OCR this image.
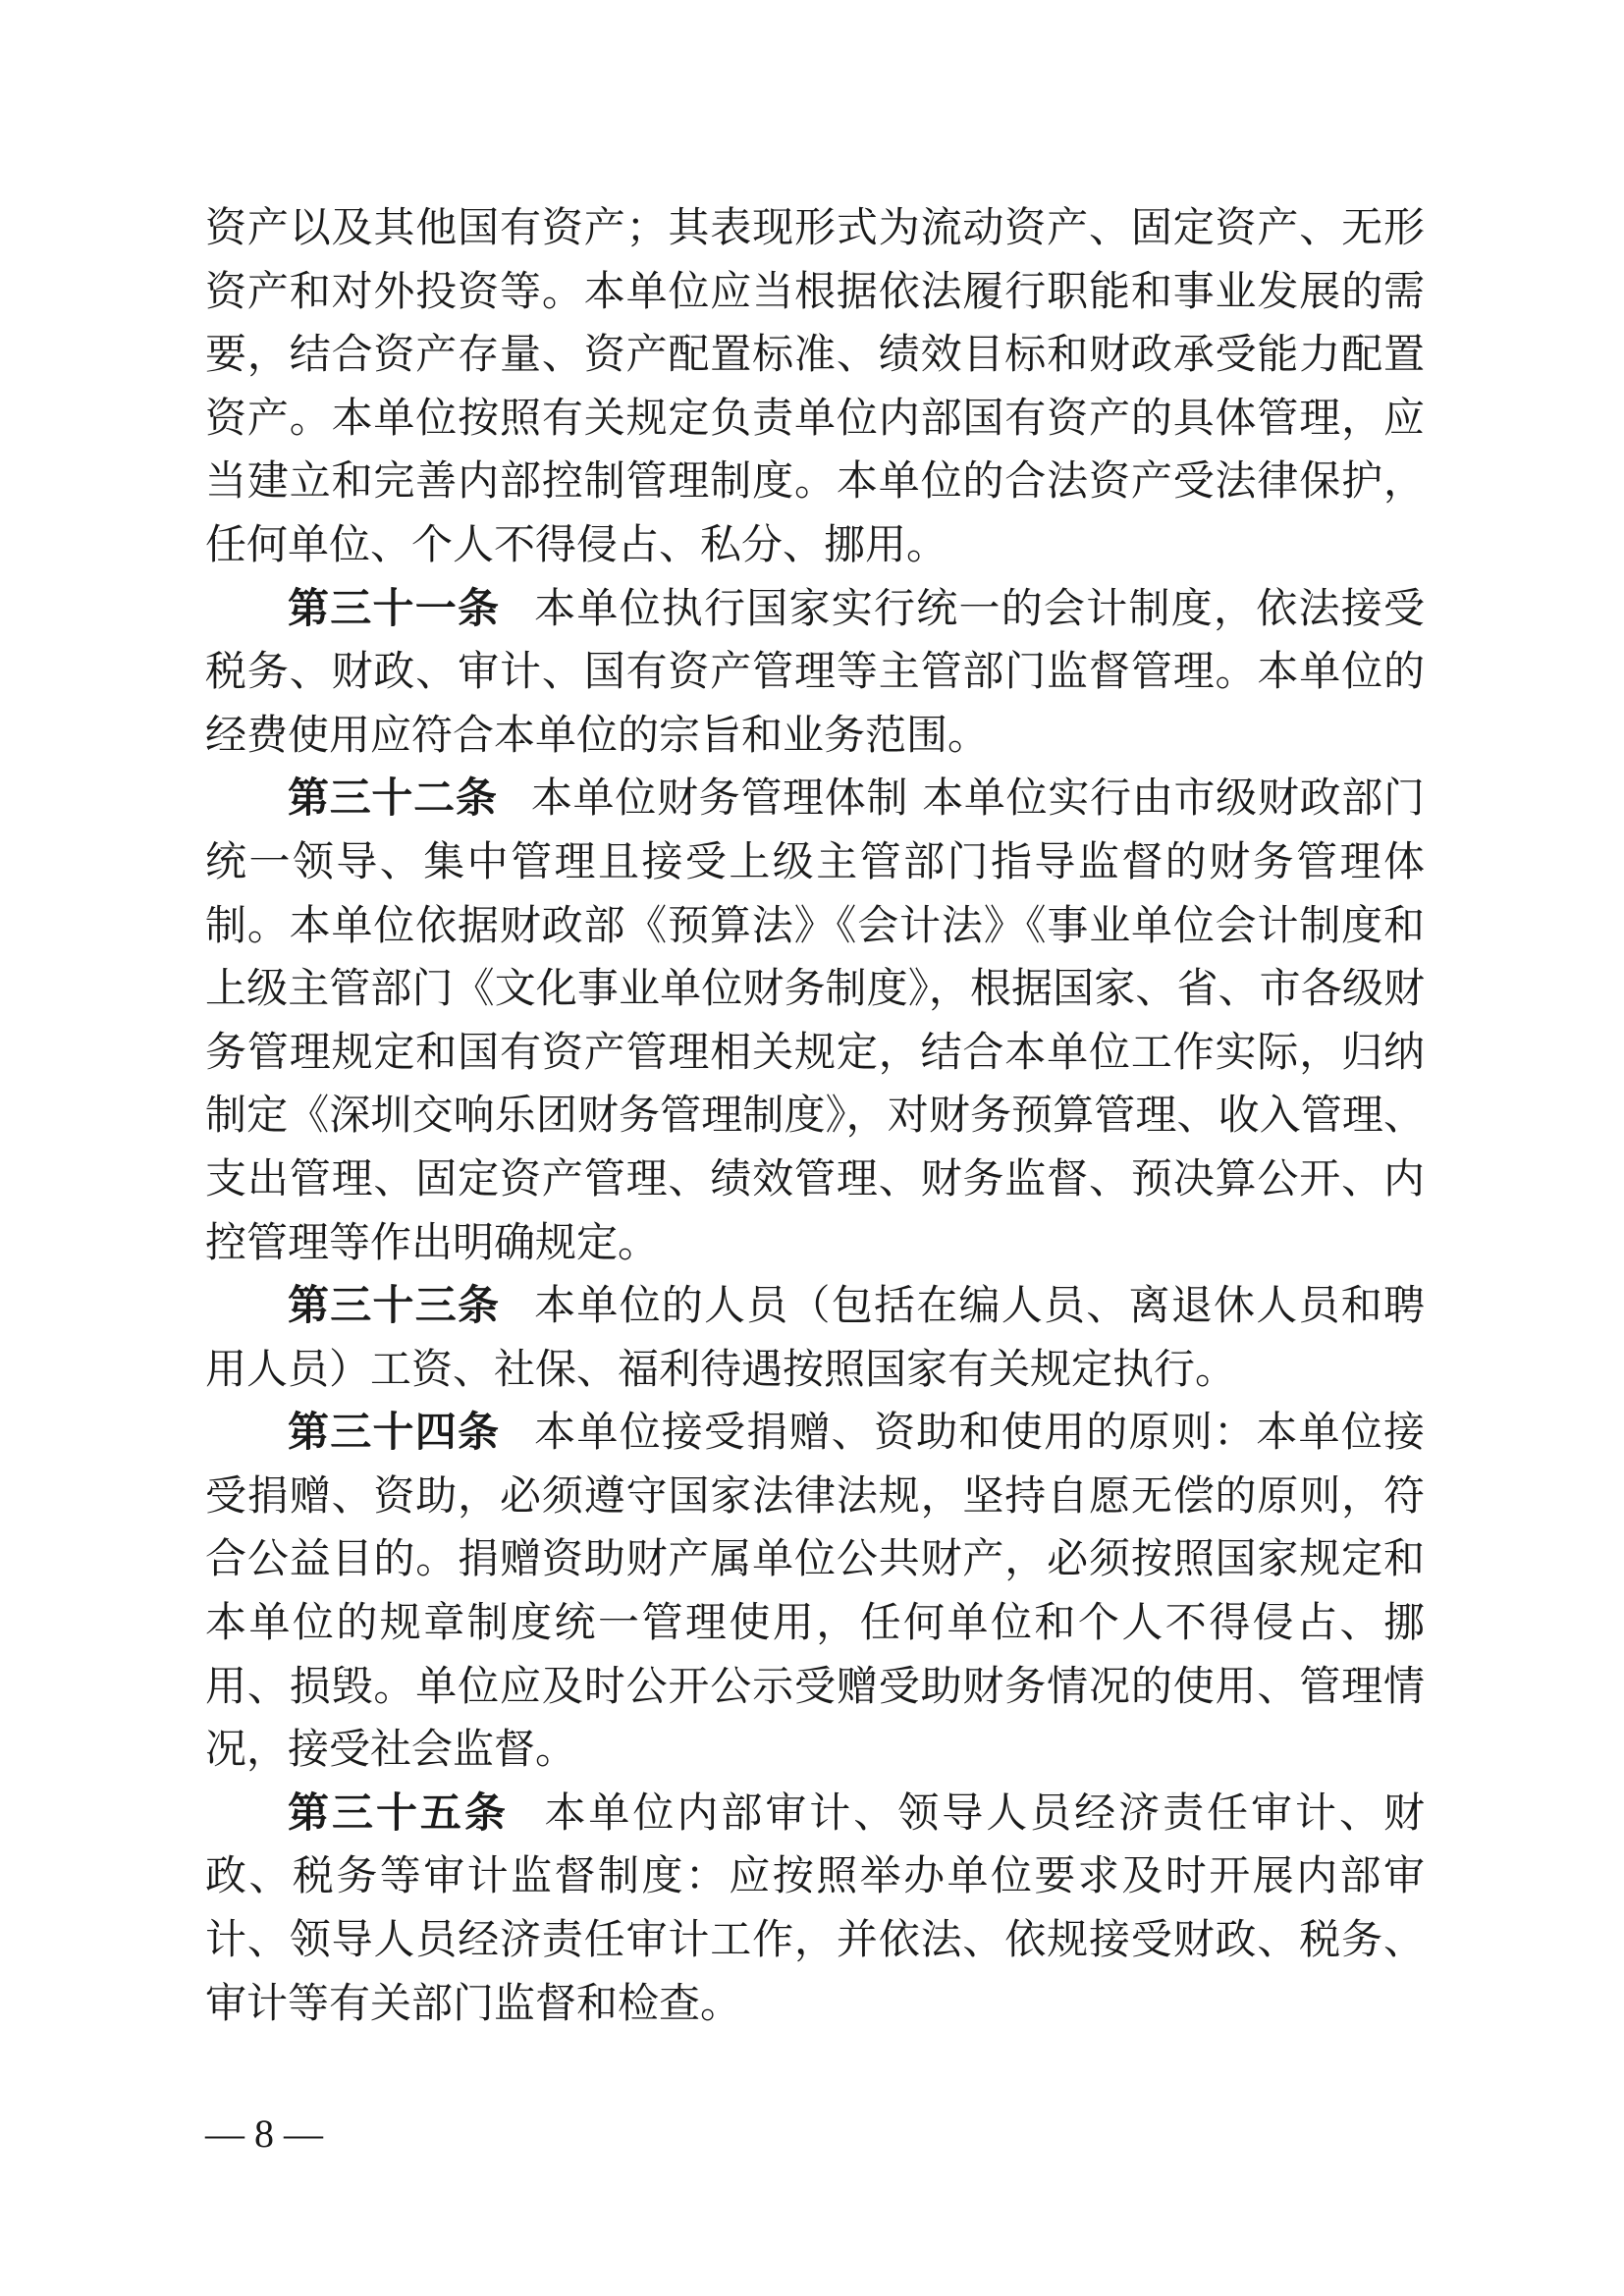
资产以及其他国有资产；其表现形式为流动资产、固定资产、无形资产和对外投资等。本单位应当根据依法履行职能和事业发展的需要，结合资产存量、资产配置标准、绩效目标和财政承受能力配置资产。本单位按照有关规定负责单位内部国有资产的具体管理，应当建立和完善内部控制管理制度。本单位的合法资产受法律保护，任何单位、个人不得侵占、私分、挪用。

第三十一条 本单位执行国家实行统一的会计制度，依法接受税务、财政、审计、国有资产管理等主管部门监督管理。本单位的经费使用应符合本单位的宗旨和业务范围。

第三十二条 本单位财务管理体制 本单位实行由市级财政部门统一领导、集中管理且接受上级主管部门指导监督的财务管理体制。本单位依据财政部《预算法》《会计法》《事业单位会计制度和上级主管部门《文化事业单位财务制度》，根据国家、省、市各级财务管理规定和国有资产管理相关规定，结合本单位工作实际，归纳制定《深圳交响乐团财务管理制度》，对财务预算管理、收入管理、支出管理、固定资产管理、绩效管理、财务监督、预决算公开、内控管理等作出明确规定。

第三十三条 本单位的人员（包括在编人员、离退休人员和聘用人员）工资、社保、福利待遇按照国家有关规定执行。

第三十四条 本单位接受捐赠、资助和使用的原则：本单位接受捐赠、资助，必须遵守国家法律法规，坚持自愿无偿的原则，符合公益目的。捐赠资助财产属单位公共财产，必须按照国家规定和本单位的规章制度统一管理使用，任何单位和个人不得侵占、挪用、损毁。单位应及时公开公示受赠受助财务情况的使用、管理情况，接受社会监督。

第三十五条 本单位内部审计、领导人员经济责任审计、财政、税务等审计监督制度：应按照举办单位要求及时开展内部审计、领导人员经济责任审计工作，并依法、依规接受财政、税务、审计等有关部门监督和检查。

— 8 —
